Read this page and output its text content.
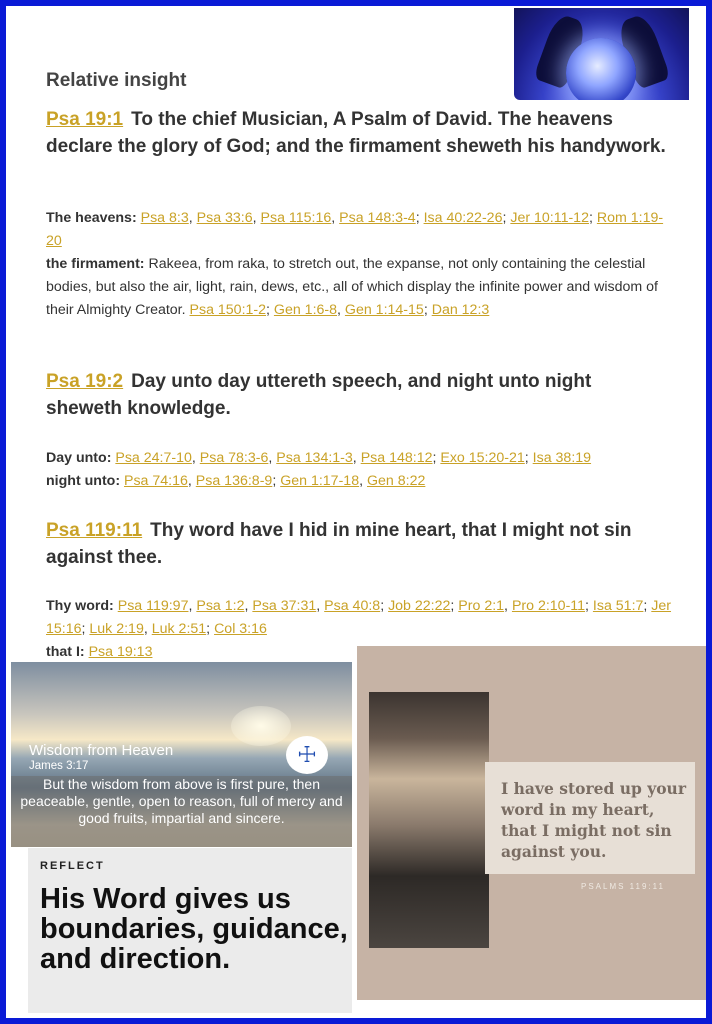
Relative insight
Psa 19:1 To the chief Musician, A Psalm of David. The heavens declare the glory of God; and the firmament sheweth his handywork.
The heavens: Psa 8:3, Psa 33:6, Psa 115:16, Psa 148:3-4; Isa 40:22-26; Jer 10:11-12; Rom 1:19-20
the firmament: Rakeea, from raka, to stretch out, the expanse, not only containing the celestial bodies, but also the air, light, rain, dews, etc., all of which display the infinite power and wisdom of their Almighty Creator. Psa 150:1-2; Gen 1:6-8, Gen 1:14-15; Dan 12:3
Psa 19:2 Day unto day uttereth speech, and night unto night sheweth knowledge.
Day unto: Psa 24:7-10, Psa 78:3-6, Psa 134:1-3, Psa 148:12; Exo 15:20-21; Isa 38:19
night unto: Psa 74:16, Psa 136:8-9; Gen 1:17-18, Gen 8:22
Psa 119:11 Thy word have I hid in mine heart, that I might not sin against thee.
Thy word: Psa 119:97, Psa 1:2, Psa 37:31, Psa 40:8; Job 22:22; Pro 2:1, Pro 2:10-11; Isa 51:7; Jer 15:16; Luk 2:19, Luk 2:51; Col 3:16
that I: Psa 19:13
Wisdom from Heaven
James 3:17	☩
But the wisdom from above is first pure, then peaceable, gentle, open to reason, full of mercy and good fruits, impartial and sincere.
REFLECT
His Word gives us boundaries, guidance, and direction.
I have stored up your word in my heart, that I might not sin against you.
PSALMS 119:11
